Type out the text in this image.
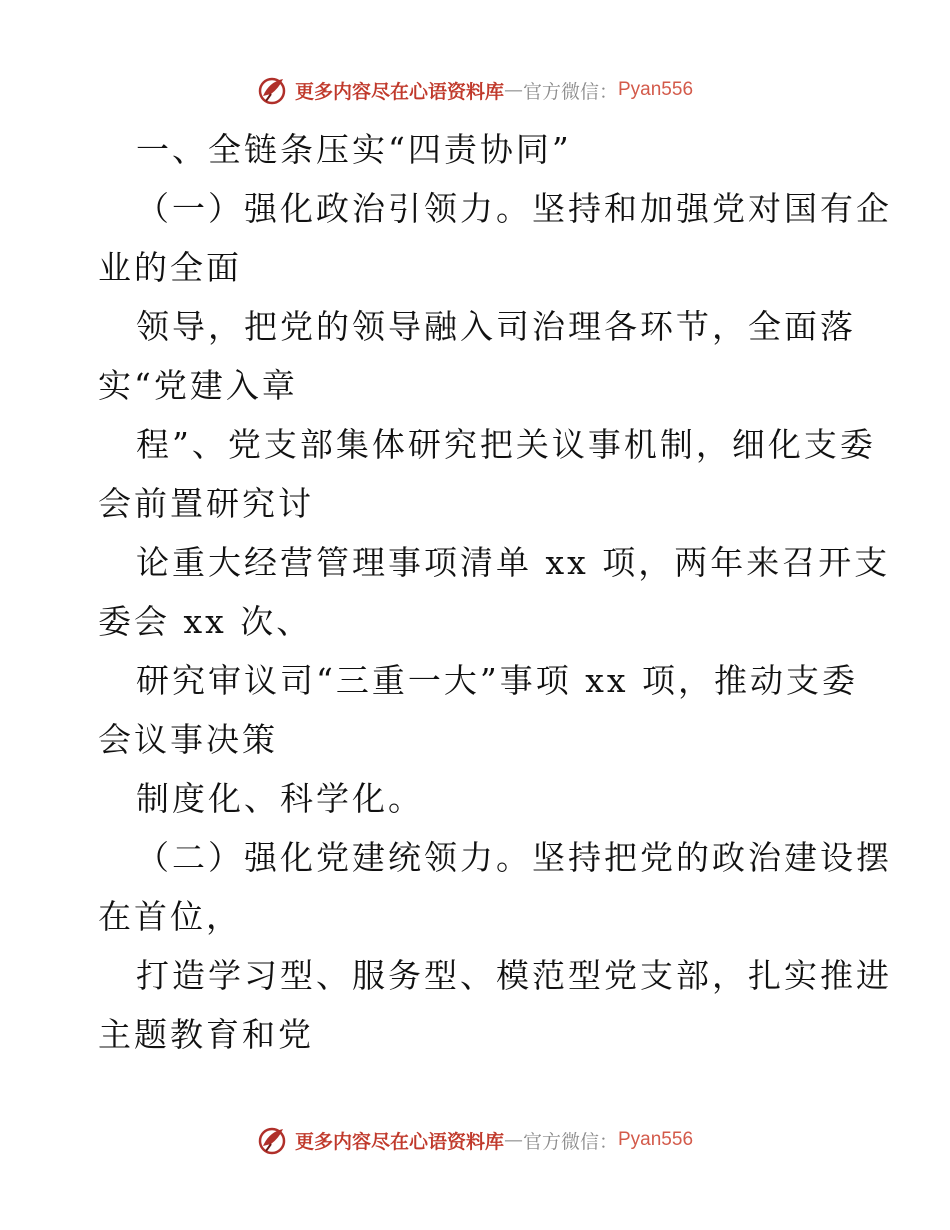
更多内容尽在心语资料库 — 官方微信： Pyan556
一、全链条压实“四责协同”
（一）强化政治引领力。坚持和加强党对国有企
业的全面
领导，把党的领导融入司治理各环节，全面落
实“党建入章
程”、党支部集体研究把关议事机制，细化支委
会前置研究讨
论重大经营管理事项清单 xx 项，两年来召开支
委会 xx 次、
研究审议司“三重一大”事项 xx 项，推动支委
会议事决策
制度化、科学化。
（二）强化党建统领力。坚持把党的政治建设摆
在首位，
打造学习型、服务型、模范型党支部，扎实推进
主题教育和党
更多内容尽在心语资料库 — 官方微信： Pyan556
